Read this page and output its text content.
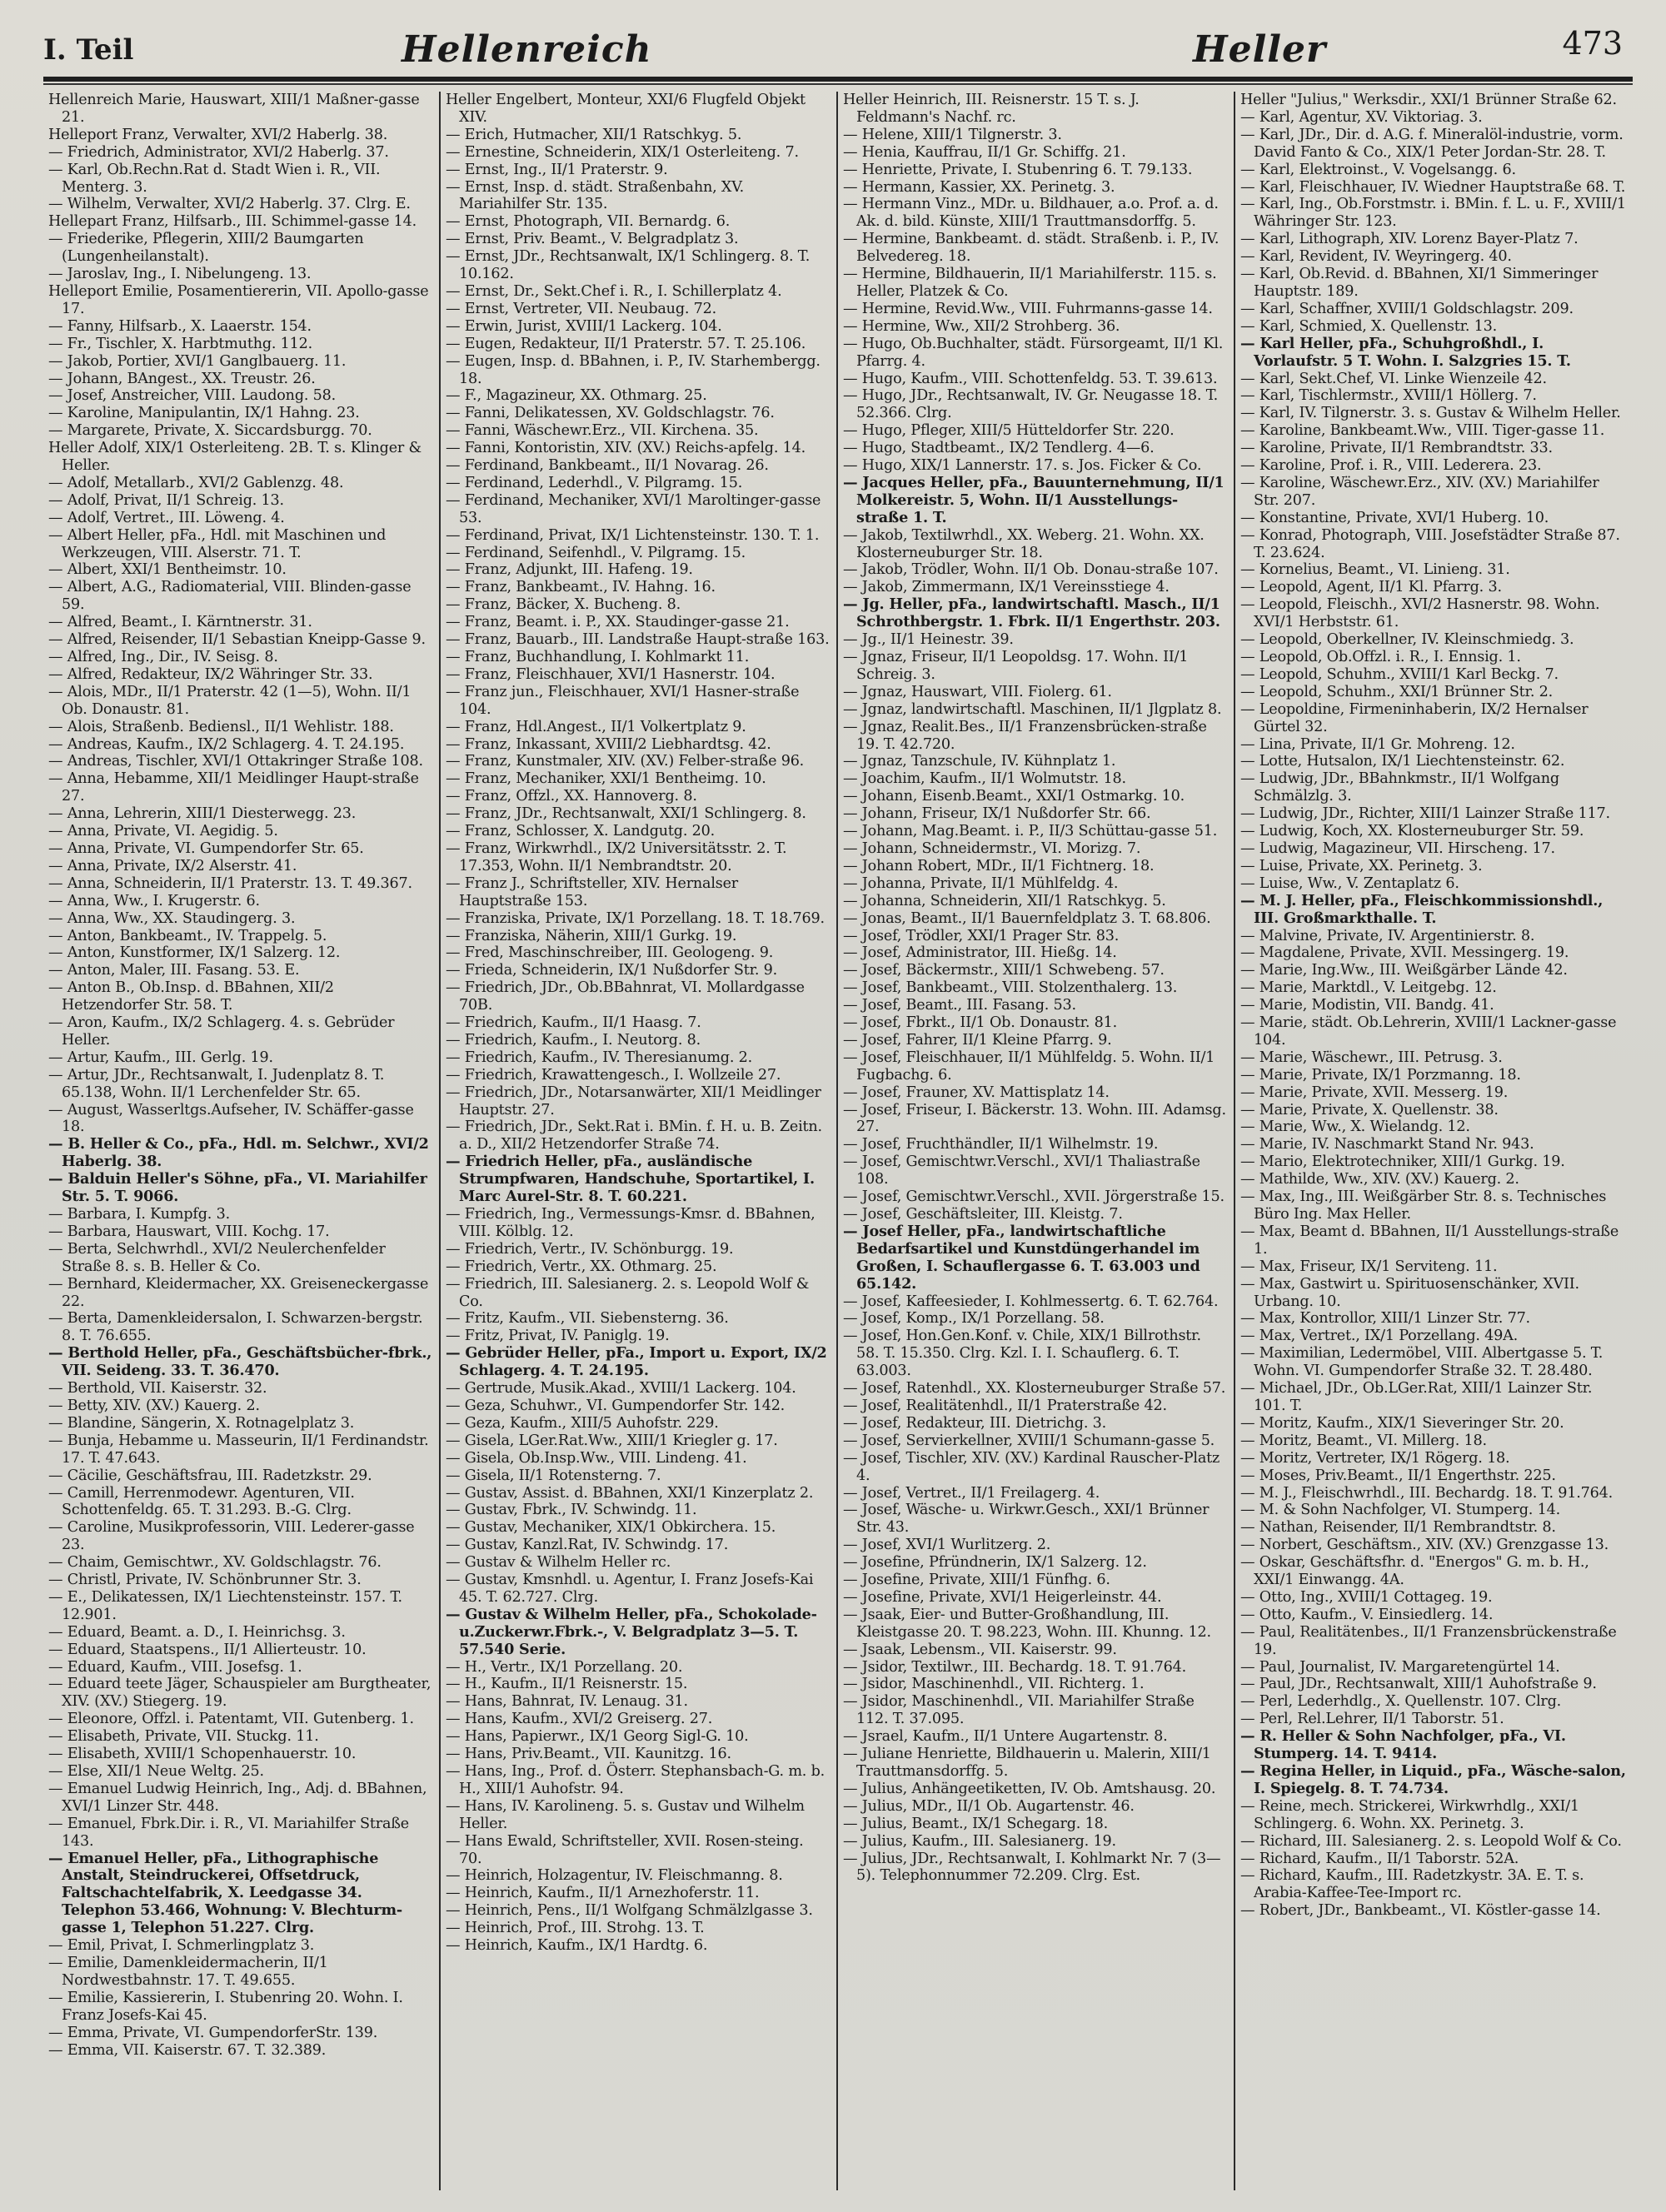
I. Teil	Hellenreich	Heller	473

Hellenreich Marie, Hauswart, XIII/1 Maßner-gasse 21.

Helleport Franz, Verwalter, XVI/2 Haberlg. 38.

— Friedrich, Administrator, XVI/2 Haberlg. 37.

— Karl, Ob.Rechn.Rat d. Stadt Wien i. R., VII. Menterg. 3.

— Wilhelm, Verwalter, XVI/2 Haberlg. 37. Clrg. E.

Hellepart Franz, Hilfsarb., III. Schimmel-gasse 14.

— Friederike, Pflegerin, XIII/2 Baumgarten (Lungenheilanstalt).

— Jaroslav, Ing., I. Nibelungeng. 13.

Helleport Emilie, Posamentiererin, VII. Apollo-gasse 17.

— Fanny, Hilfsarb., X. Laaerstr. 154.

— Fr., Tischler, X. Harbtmuthg. 112.

— Jakob, Portier, XVI/1 Ganglbauerg. 11.

— Johann, BAngest., XX. Treustr. 26.

— Josef, Anstreicher, VIII. Laudong. 58.

— Karoline, Manipulantin, IX/1 Hahng. 23.

— Margarete, Private, X. Siccardsburgg. 70.

Heller Adolf, XIX/1 Osterleiteng. 2B. T. s. Klinger & Heller.

— Adolf, Metallarb., XVI/2 Gablenzg. 48.

— Adolf, Privat, II/1 Schreig. 13.

— Adolf, Vertret., III. Löweng. 4.

— Albert Heller, pFa., Hdl. mit Maschinen und Werkzeugen, VIII. Alserstr. 71. T.

— Albert, XXI/1 Bentheimstr. 10.

— Albert, A.G., Radiomaterial, VIII. Blinden-gasse 59.

— Alfred, Beamt., I. Kärntnerstr. 31.

— Alfred, Reisender, II/1 Sebastian Kneipp-Gasse 9.

— Alfred, Ing., Dir., IV. Seisg. 8.

— Alfred, Redakteur, IX/2 Währinger Str. 33.

— Alois, MDr., II/1 Praterstr. 42 (1—5), Wohn. II/1 Ob. Donaustr. 81.

— Alois, Straßenb. Bediensl., II/1 Wehlistr. 188.

— Andreas, Kaufm., IX/2 Schlagerg. 4. T. 24.195.

— Andreas, Tischler, XVI/1 Ottakringer Straße 108.

— Anna, Hebamme, XII/1 Meidlinger Haupt-straße 27.

— Anna, Lehrerin, XIII/1 Diesterwegg. 23.

— Anna, Private, VI. Aegidig. 5.

— Anna, Private, VI. Gumpendorfer Str. 65.

— Anna, Private, IX/2 Alserstr. 41.

— Anna, Schneiderin, II/1 Praterstr. 13. T. 49.367.

— Anna, Ww., I. Krugerstr. 6.

— Anna, Ww., XX. Staudingerg. 3.

— Anton, Bankbeamt., IV. Trappelg. 5.

— Anton, Kunstformer, IX/1 Salzerg. 12.

— Anton, Maler, III. Fasang. 53. E.

— Anton B., Ob.Insp. d. BBahnen, XII/2 Hetzendorfer Str. 58. T.

— Aron, Kaufm., IX/2 Schlagerg. 4. s. Gebrüder Heller.

— Artur, Kaufm., III. Gerlg. 19.

— Artur, JDr., Rechtsanwalt, I. Judenplatz 8. T. 65.138, Wohn. II/1 Lerchenfelder Str. 65.

— August, Wasserltgs.Aufseher, IV. Schäffer-gasse 18.

— B. Heller & Co., pFa., Hdl. m. Selchwr., XVI/2 Haberlg. 38.

— Balduin Heller's Söhne, pFa., VI. Mariahilfer Str. 5. T. 9066.

— Barbara, I. Kumpfg. 3.

— Barbara, Hauswart, VIII. Kochg. 17.

— Berta, Selchwrhdl., XVI/2 Neulerchenfelder Straße 8. s. B. Heller & Co.

— Bernhard, Kleidermacher, XX. Greiseneckergasse 22.

— Berta, Damenkleidersalon, I. Schwarzen-bergstr. 8. T. 76.655.

— Berthold Heller, pFa., Geschäftsbücher-fbrk., VII. Seideng. 33. T. 36.470.

— Berthold, VII. Kaiserstr. 32.

— Betty, XIV. (XV.) Kauerg. 2.

— Blandine, Sängerin, X. Rotnagelplatz 3.

— Bunja, Hebamme u. Masseurin, II/1 Ferdinandstr. 17. T. 47.643.

— Cäcilie, Geschäftsfrau, III. Radetzkstr. 29.

— Camill, Herrenmodewr. Agenturen, VII. Schottenfeldg. 65. T. 31.293. B.-G. Clrg.

— Caroline, Musikprofessorin, VIII. Lederer-gasse 23.

— Chaim, Gemischtwr., XV. Goldschlagstr. 76.

— Christl, Private, IV. Schönbrunner Str. 3.

— E., Delikatessen, IX/1 Liechtensteinstr. 157. T. 12.901.

— Eduard, Beamt. a. D., I. Heinrichsg. 3.

— Eduard, Staatspens., II/1 Allierteustr. 10.

— Eduard, Kaufm., VIII. Josefsg. 1.

— Eduard teete Jäger, Schauspieler am Burgtheater, XIV. (XV.) Stiegerg. 19.

— Eleonore, Offzl. i. Patentamt, VII. Gutenberg. 1.

— Elisabeth, Private, VII. Stuckg. 11.

— Elisabeth, XVIII/1 Schopenhauerstr. 10.

— Else, XII/1 Neue Weltg. 25.

— Emanuel Ludwig Heinrich, Ing., Adj. d. BBahnen, XVI/1 Linzer Str. 448.

— Emanuel, Fbrk.Dir. i. R., VI. Mariahilfer Straße 143.

— Emanuel Heller, pFa., Lithographische Anstalt, Steindruckerei, Offsetdruck, Faltschachtelfabrik, X. Leedgasse 34. Telephon 53.466, Wohnung: V. Blechturm-gasse 1, Telephon 51.227. Clrg.

— Emil, Privat, I. Schmerlingplatz 3.

— Emilie, Damenkleidermacherin, II/1 Nordwestbahnstr. 17. T. 49.655.

— Emilie, Kassiererin, I. Stubenring 20. Wohn. I. Franz Josefs-Kai 45.

— Emma, Private, VI. GumpendorferStr. 139.

— Emma, VII. Kaiserstr. 67. T. 32.389.

Heller Engelbert, Monteur, XXI/6 Flugfeld Objekt XIV.

— Erich, Hutmacher, XII/1 Ratschkyg. 5.

— Ernestine, Schneiderin, XIX/1 Osterleiteng. 7.

— Ernst, Ing., II/1 Praterstr. 9.

— Ernst, Insp. d. städt. Straßenbahn, XV. Mariahilfer Str. 135.

— Ernst, Photograph, VII. Bernardg. 6.

— Ernst, Priv. Beamt., V. Belgradplatz 3.

— Ernst, JDr., Rechtsanwalt, IX/1 Schlingerg. 8. T. 10.162.

— Ernst, Dr., Sekt.Chef i. R., I. Schillerplatz 4.

— Ernst, Vertreter, VII. Neubaug. 72.

— Erwin, Jurist, XVIII/1 Lackerg. 104.

— Eugen, Redakteur, II/1 Praterstr. 57. T. 25.106.

— Eugen, Insp. d. BBahnen, i. P., IV. Starhembergg. 18.

— F., Magazineur, XX. Othmarg. 25.

— Fanni, Delikatessen, XV. Goldschlagstr. 76.

— Fanni, Wäschewr.Erz., VII. Kirchena. 35.

— Fanni, Kontoristin, XIV. (XV.) Reichs-apfelg. 14.

— Ferdinand, Bankbeamt., II/1 Novarag. 26.

— Ferdinand, Lederhdl., V. Pilgramg. 15.

— Ferdinand, Mechaniker, XVI/1 Maroltinger-gasse 53.

— Ferdinand, Privat, IX/1 Lichtensteinstr. 130. T. 1.

— Ferdinand, Seifenhdl., V. Pilgramg. 15.

— Franz, Adjunkt, III. Hafeng. 19.

— Franz, Bankbeamt., IV. Hahng. 16.

— Franz, Bäcker, X. Bucheng. 8.

— Franz, Beamt. i. P., XX. Staudinger-gasse 21.

— Franz, Bauarb., III. Landstraße Haupt-straße 163.

— Franz, Buchhandlung, I. Kohlmarkt 11.

— Franz, Fleischhauer, XVI/1 Hasnerstr. 104.

— Franz jun., Fleischhauer, XVI/1 Hasner-straße 104.

— Franz, Hdl.Angest., II/1 Volkertplatz 9.

— Franz, Inkassant, XVIII/2 Liebhardtsg. 42.

— Franz, Kunstmaler, XIV. (XV.) Felber-straße 96.

— Franz, Mechaniker, XXI/1 Bentheimg. 10.

— Franz, Offzl., XX. Hannoverg. 8.

— Franz, JDr., Rechtsanwalt, XXI/1 Schlingerg. 8.

— Franz, Schlosser, X. Landgutg. 20.

— Franz, Wirkwrhdl., IX/2 Universitätsstr. 2. T. 17.353, Wohn. II/1 Nembrandtstr. 20.

— Franz J., Schriftsteller, XIV. Hernalser Hauptstraße 153.

— Franziska, Private, IX/1 Porzellang. 18. T. 18.769.

— Franziska, Näherin, XIII/1 Gurkg. 19.

— Fred, Maschinschreiber, III. Geologeng. 9.

— Frieda, Schneiderin, IX/1 Nußdorfer Str. 9.

— Friedrich, JDr., Ob.BBahnrat, VI. Mollardgasse 70B.

— Friedrich, Kaufm., II/1 Haasg. 7.

— Friedrich, Kaufm., I. Neutorg. 8.

— Friedrich, Kaufm., IV. Theresianumg. 2.

— Friedrich, Krawattengesch., I. Wollzeile 27.

— Friedrich, JDr., Notarsanwärter, XII/1 Meidlinger Hauptstr. 27.

— Friedrich, JDr., Sekt.Rat i. BMin. f. H. u. B. Zeitn. a. D., XII/2 Hetzendorfer Straße 74.

— Friedrich Heller, pFa., ausländische Strumpfwaren, Handschuhe, Sportartikel, I. Marc Aurel-Str. 8. T. 60.221.

— Friedrich, Ing., Vermessungs-Kmsr. d. BBahnen, VIII. Kölblg. 12.

— Friedrich, Vertr., IV. Schönburgg. 19.

— Friedrich, Vertr., XX. Othmarg. 25.

— Friedrich, III. Salesianerg. 2. s. Leopold Wolf & Co.

— Fritz, Kaufm., VII. Siebensterng. 36.

— Fritz, Privat, IV. Paniglg. 19.

— Gebrüder Heller, pFa., Import u. Export, IX/2 Schlagerg. 4. T. 24.195.

— Gertrude, Musik.Akad., XVIII/1 Lackerg. 104.

— Geza, Schuhwr., VI. Gumpendorfer Str. 142.

— Geza, Kaufm., XIII/5 Auhofstr. 229.

— Gisela, LGer.Rat.Ww., XIII/1 Kriegler g. 17.

— Gisela, Ob.Insp.Ww., VIII. Lindeng. 41.

— Gisela, II/1 Rotensterng. 7.

— Gustav, Assist. d. BBahnen, XXI/1 Kinzerplatz 2.

— Gustav, Fbrk., IV. Schwindg. 11.

— Gustav, Mechaniker, XIX/1 Obkirchera. 15.

— Gustav, Kanzl.Rat, IV. Schwindg. 17.

— Gustav & Wilhelm Heller rc.

— Gustav, Kmsnhdl. u. Agentur, I. Franz Josefs-Kai 45. T. 62.727. Clrg.

— Gustav & Wilhelm Heller, pFa., Schokolade-u.Zuckerwr.Fbrk.-, V. Belgradplatz 3—5. T. 57.540 Serie.

— H., Vertr., IX/1 Porzellang. 20.

— H., Kaufm., II/1 Reisnerstr. 15.

— Hans, Bahnrat, IV. Lenaug. 31.

— Hans, Kaufm., XVI/2 Greiserg. 27.

— Hans, Papierwr., IX/1 Georg Sigl-G. 10.

— Hans, Priv.Beamt., VII. Kaunitzg. 16.

— Hans, Ing., Prof. d. Österr. Stephansbach-G. m. b. H., XIII/1 Auhofstr. 94.

— Hans, IV. Karolineng. 5. s. Gustav und Wilhelm Heller.

— Hans Ewald, Schriftsteller, XVII. Rosen-steing. 70.

— Heinrich, Holzagentur, IV. Fleischmanng. 8.

— Heinrich, Kaufm., II/1 Arnezhoferstr. 11.

— Heinrich, Pens., II/1 Wolfgang Schmälzlgasse 3.

— Heinrich, Prof., III. Strohg. 13. T.

— Heinrich, Kaufm., IX/1 Hardtg. 6.

Heller Heinrich, III. Reisnerstr. 15 T. s. J. Feldmann's Nachf. rc.

— Helene, XIII/1 Tilgnerstr. 3.

— Henia, Kauffrau, II/1 Gr. Schiffg. 21.

— Henriette, Private, I. Stubenring 6. T. 79.133.

— Hermann, Kassier, XX. Perinetg. 3.

— Hermann Vinz., MDr. u. Bildhauer, a.o. Prof. a. d. Ak. d. bild. Künste, XIII/1 Trauttmansdorffg. 5.

— Hermine, Bankbeamt. d. städt. Straßenb. i. P., IV. Belvedereg. 18.

— Hermine, Bildhauerin, II/1 Mariahilferstr. 115. s. Heller, Platzek & Co.

— Hermine, Revid.Ww., VIII. Fuhrmanns-gasse 14.

— Hermine, Ww., XII/2 Strohberg. 36.

— Hugo, Ob.Buchhalter, städt. Fürsorgeamt, II/1 Kl. Pfarrg. 4.

— Hugo, Kaufm., VIII. Schottenfeldg. 53. T. 39.613.

— Hugo, JDr., Rechtsanwalt, IV. Gr. Neugasse 18. T. 52.366. Clrg.

— Hugo, Pfleger, XIII/5 Hütteldorfer Str. 220.

— Hugo, Stadtbeamt., IX/2 Tendlerg. 4—6.

— Hugo, XIX/1 Lannerstr. 17. s. Jos. Ficker & Co.

— Jacques Heller, pFa., Bauunternehmung, II/1 Molkereistr. 5, Wohn. II/1 Ausstellungs-straße 1. T.

— Jakob, Textilwrhdl., XX. Weberg. 21. Wohn. XX. Klosterneuburger Str. 18.

— Jakob, Trödler, Wohn. II/1 Ob. Donau-straße 107.

— Jakob, Zimmermann, IX/1 Vereinsstiege 4.

— Jg. Heller, pFa., landwirtschaftl. Masch., II/1 Schrothbergstr. 1. Fbrk. II/1 Engerthstr. 203.

— Jg., II/1 Heinestr. 39.

— Jgnaz, Friseur, II/1 Leopoldsg. 17. Wohn. II/1 Schreig. 3.

— Jgnaz, Hauswart, VIII. Fiolerg. 61.

— Jgnaz, landwirtschaftl. Maschinen, II/1 Jlgplatz 8.

— Jgnaz, Realit.Bes., II/1 Franzensbrücken-straße 19. T. 42.720.

— Jgnaz, Tanzschule, IV. Kühnplatz 1.

— Joachim, Kaufm., II/1 Wolmutstr. 18.

— Johann, Eisenb.Beamt., XXI/1 Ostmarkg. 10.

— Johann, Friseur, IX/1 Nußdorfer Str. 66.

— Johann, Mag.Beamt. i. P., II/3 Schüttau-gasse 51.

— Johann, Schneidermstr., VI. Morizg. 7.

— Johann Robert, MDr., II/1 Fichtnerg. 18.

— Johanna, Private, II/1 Mühlfeldg. 4.

— Johanna, Schneiderin, XII/1 Ratschkyg. 5.

— Jonas, Beamt., II/1 Bauernfeldplatz 3. T. 68.806.

— Josef, Trödler, XXI/1 Prager Str. 83.

— Josef, Administrator, III. Hießg. 14.

— Josef, Bäckermstr., XIII/1 Schwebeng. 57.

— Josef, Bankbeamt., VIII. Stolzenthalerg. 13.

— Josef, Beamt., III. Fasang. 53.

— Josef, Fbrkt., II/1 Ob. Donaustr. 81.

— Josef, Fahrer, II/1 Kleine Pfarrg. 9.

— Josef, Fleischhauer, II/1 Mühlfeldg. 5. Wohn. II/1 Fugbachg. 6.

— Josef, Frauner, XV. Mattisplatz 14.

— Josef, Friseur, I. Bäckerstr. 13. Wohn. III. Adamsg. 27.

— Josef, Fruchthändler, II/1 Wilhelmstr. 19.

— Josef, Gemischtwr.Verschl., XVI/1 Thaliastraße 108.

— Josef, Gemischtwr.Verschl., XVII. Jörgerstraße 15.

— Josef, Geschäftsleiter, III. Kleistg. 7.

— Josef Heller, pFa., landwirtschaftliche Bedarfsartikel und Kunstdüngerhandel im Großen, I. Schauflergasse 6. T. 63.003 und 65.142.

— Josef, Kaffeesieder, I. Kohlmessertg. 6. T. 62.764.

— Josef, Komp., IX/1 Porzellang. 58.

— Josef, Hon.Gen.Konf. v. Chile, XIX/1 Billrothstr. 58. T. 15.350. Clrg. Kzl. I. I. Schauflerg. 6. T. 63.003.

— Josef, Ratenhdl., XX. Klosterneuburger Straße 57.

— Josef, Realitätenhdl., II/1 Praterstraße 42.

— Josef, Redakteur, III. Dietrichg. 3.

— Josef, Servierkellner, XVIII/1 Schumann-gasse 5.

— Josef, Tischler, XIV. (XV.) Kardinal Rauscher-Platz 4.

— Josef, Vertret., II/1 Freilagerg. 4.

— Josef, Wäsche- u. Wirkwr.Gesch., XXI/1 Brünner Str. 43.

— Josef, XVI/1 Wurlitzerg. 2.

— Josefine, Pfründnerin, IX/1 Salzerg. 12.

— Josefine, Private, XIII/1 Fünfhg. 6.

— Josefine, Private, XVI/1 Heigerleinstr. 44.

— Jsaak, Eier- und Butter-Großhandlung, III. Kleistgasse 20. T. 98.223, Wohn. III. Khunng. 12.

— Jsaak, Lebensm., VII. Kaiserstr. 99.

— Jsidor, Textilwr., III. Bechardg. 18. T. 91.764.

— Jsidor, Maschinenhdl., VII. Richterg. 1.

— Jsidor, Maschinenhdl., VII. Mariahilfer Straße 112. T. 37.095.

— Jsrael, Kaufm., II/1 Untere Augartenstr. 8.

— Juliane Henriette, Bildhauerin u. Malerin, XIII/1 Trauttmansdorffg. 5.

— Julius, Anhängeetiketten, IV. Ob. Amtshausg. 20.

— Julius, MDr., II/1 Ob. Augartenstr. 46.

— Julius, Beamt., IX/1 Schegarg. 18.

— Julius, Kaufm., III. Salesianerg. 19.

— Julius, JDr., Rechtsanwalt, I. Kohlmarkt Nr. 7 (3—5). Telephonnummer 72.209. Clrg. Est.

Heller "Julius," Werksdir., XXI/1 Brünner Straße 62.

— Karl, Agentur, XV. Viktoriag. 3.

— Karl, JDr., Dir. d. A.G. f. Mineralöl-industrie, vorm. David Fanto & Co., XIX/1 Peter Jordan-Str. 28. T.

— Karl, Elektroinst., V. Vogelsangg. 6.

— Karl, Fleischhauer, IV. Wiedner Hauptstraße 68. T.

— Karl, Ing., Ob.Forstmstr. i. BMin. f. L. u. F., XVIII/1 Währinger Str. 123.

— Karl, Lithograph, XIV. Lorenz Bayer-Platz 7.

— Karl, Revident, IV. Weyringerg. 40.

— Karl, Ob.Revid. d. BBahnen, XI/1 Simmeringer Hauptstr. 189.

— Karl, Schaffner, XVIII/1 Goldschlagstr. 209.

— Karl, Schmied, X. Quellenstr. 13.

— Karl Heller, pFa., Schuhgroßhdl., I. Vorlaufstr. 5 T. Wohn. I. Salzgries 15. T.

— Karl, Sekt.Chef, VI. Linke Wienzeile 42.

— Karl, Tischlermstr., XVIII/1 Höllerg. 7.

— Karl, IV. Tilgnerstr. 3. s. Gustav & Wilhelm Heller.

— Karoline, Bankbeamt.Ww., VIII. Tiger-gasse 11.

— Karoline, Private, II/1 Rembrandtstr. 33.

— Karoline, Prof. i. R., VIII. Lederera. 23.

— Karoline, Wäschewr.Erz., XIV. (XV.) Mariahilfer Str. 207.

— Konstantine, Private, XVI/1 Huberg. 10.

— Konrad, Photograph, VIII. Josefstädter Straße 87. T. 23.624.

— Kornelius, Beamt., VI. Linieng. 31.

— Leopold, Agent, II/1 Kl. Pfarrg. 3.

— Leopold, Fleischh., XVI/2 Hasnerstr. 98. Wohn. XVI/1 Herbststr. 61.

— Leopold, Oberkellner, IV. Kleinschmiedg. 3.

— Leopold, Ob.Offzl. i. R., I. Ennsig. 1.

— Leopold, Schuhm., XVIII/1 Karl Beckg. 7.

— Leopold, Schuhm., XXI/1 Brünner Str. 2.

— Leopoldine, Firmeninhaberin, IX/2 Hernalser Gürtel 32.

— Lina, Private, II/1 Gr. Mohreng. 12.

— Lotte, Hutsalon, IX/1 Liechtensteinstr. 62.

— Ludwig, JDr., BBahnkmstr., II/1 Wolfgang Schmälzlg. 3.

— Ludwig, JDr., Richter, XIII/1 Lainzer Straße 117.

— Ludwig, Koch, XX. Klosterneuburger Str. 59.

— Ludwig, Magazineur, VII. Hirscheng. 17.

— Luise, Private, XX. Perinetg. 3.

— Luise, Ww., V. Zentaplatz 6.

— M. J. Heller, pFa., Fleischkommissionshdl., III. Großmarkthalle. T.

— Malvine, Private, IV. Argentinierstr. 8.

— Magdalene, Private, XVII. Messingerg. 19.

— Marie, Ing.Ww., III. Weißgärber Lände 42.

— Marie, Marktdl., V. Leitgebg. 12.

— Marie, Modistin, VII. Bandg. 41.

— Marie, städt. Ob.Lehrerin, XVIII/1 Lackner-gasse 104.

— Marie, Wäschewr., III. Petrusg. 3.

— Marie, Private, IX/1 Porzmanng. 18.

— Marie, Private, XVII. Messerg. 19.

— Marie, Private, X. Quellenstr. 38.

— Marie, Ww., X. Wielandg. 12.

— Marie, IV. Naschmarkt Stand Nr. 943.

— Mario, Elektrotechniker, XIII/1 Gurkg. 19.

— Mathilde, Ww., XIV. (XV.) Kauerg. 2.

— Max, Ing., III. Weißgärber Str. 8. s. Technisches Büro Ing. Max Heller.

— Max, Beamt d. BBahnen, II/1 Ausstellungs-straße 1.

— Max, Friseur, IX/1 Serviteng. 11.

— Max, Gastwirt u. Spirituosenschänker, XVII. Urbang. 10.

— Max, Kontrollor, XIII/1 Linzer Str. 77.

— Max, Vertret., IX/1 Porzellang. 49A.

— Maximilian, Ledermöbel, VIII. Albertgasse 5. T. Wohn. VI. Gumpendorfer Straße 32. T. 28.480.

— Michael, JDr., Ob.LGer.Rat, XIII/1 Lainzer Str. 101. T.

— Moritz, Kaufm., XIX/1 Sieveringer Str. 20.

— Moritz, Beamt., VI. Millerg. 18.

— Moritz, Vertreter, IX/1 Rögerg. 18.

— Moses, Priv.Beamt., II/1 Engerthstr. 225.

— M. J., Fleischwrhdl., III. Bechardg. 18. T. 91.764.

— M. & Sohn Nachfolger, VI. Stumperg. 14.

— Nathan, Reisender, II/1 Rembrandtstr. 8.

— Norbert, Geschäftsm., XIV. (XV.) Grenzgasse 13.

— Oskar, Geschäftsfhr. d. "Energos" G. m. b. H., XXI/1 Einwangg. 4A.

— Otto, Ing., XVIII/1 Cottageg. 19.

— Otto, Kaufm., V. Einsiedlerg. 14.

— Paul, Realitätenbes., II/1 Franzensbrückenstraße 19.

— Paul, Journalist, IV. Margaretengürtel 14.

— Paul, JDr., Rechtsanwalt, XIII/1 Auhofstraße 9.

— Perl, Lederhdlg., X. Quellenstr. 107. Clrg.

— Perl, Rel.Lehrer, II/1 Taborstr. 51.

— R. Heller & Sohn Nachfolger, pFa., VI. Stumperg. 14. T. 9414.

— Regina Heller, in Liquid., pFa., Wäsche-salon, I. Spiegelg. 8. T. 74.734.

— Reine, mech. Strickerei, Wirkwrhdlg., XXI/1 Schlingerg. 6. Wohn. XX. Perinetg. 3.

— Richard, III. Salesianerg. 2. s. Leopold Wolf & Co.

— Richard, Kaufm., II/1 Taborstr. 52A.

— Richard, Kaufm., III. Radetzkystr. 3A. E. T. s. Arabia-Kaffee-Tee-Import rc.

— Robert, JDr., Bankbeamt., VI. Köstler-gasse 14.
